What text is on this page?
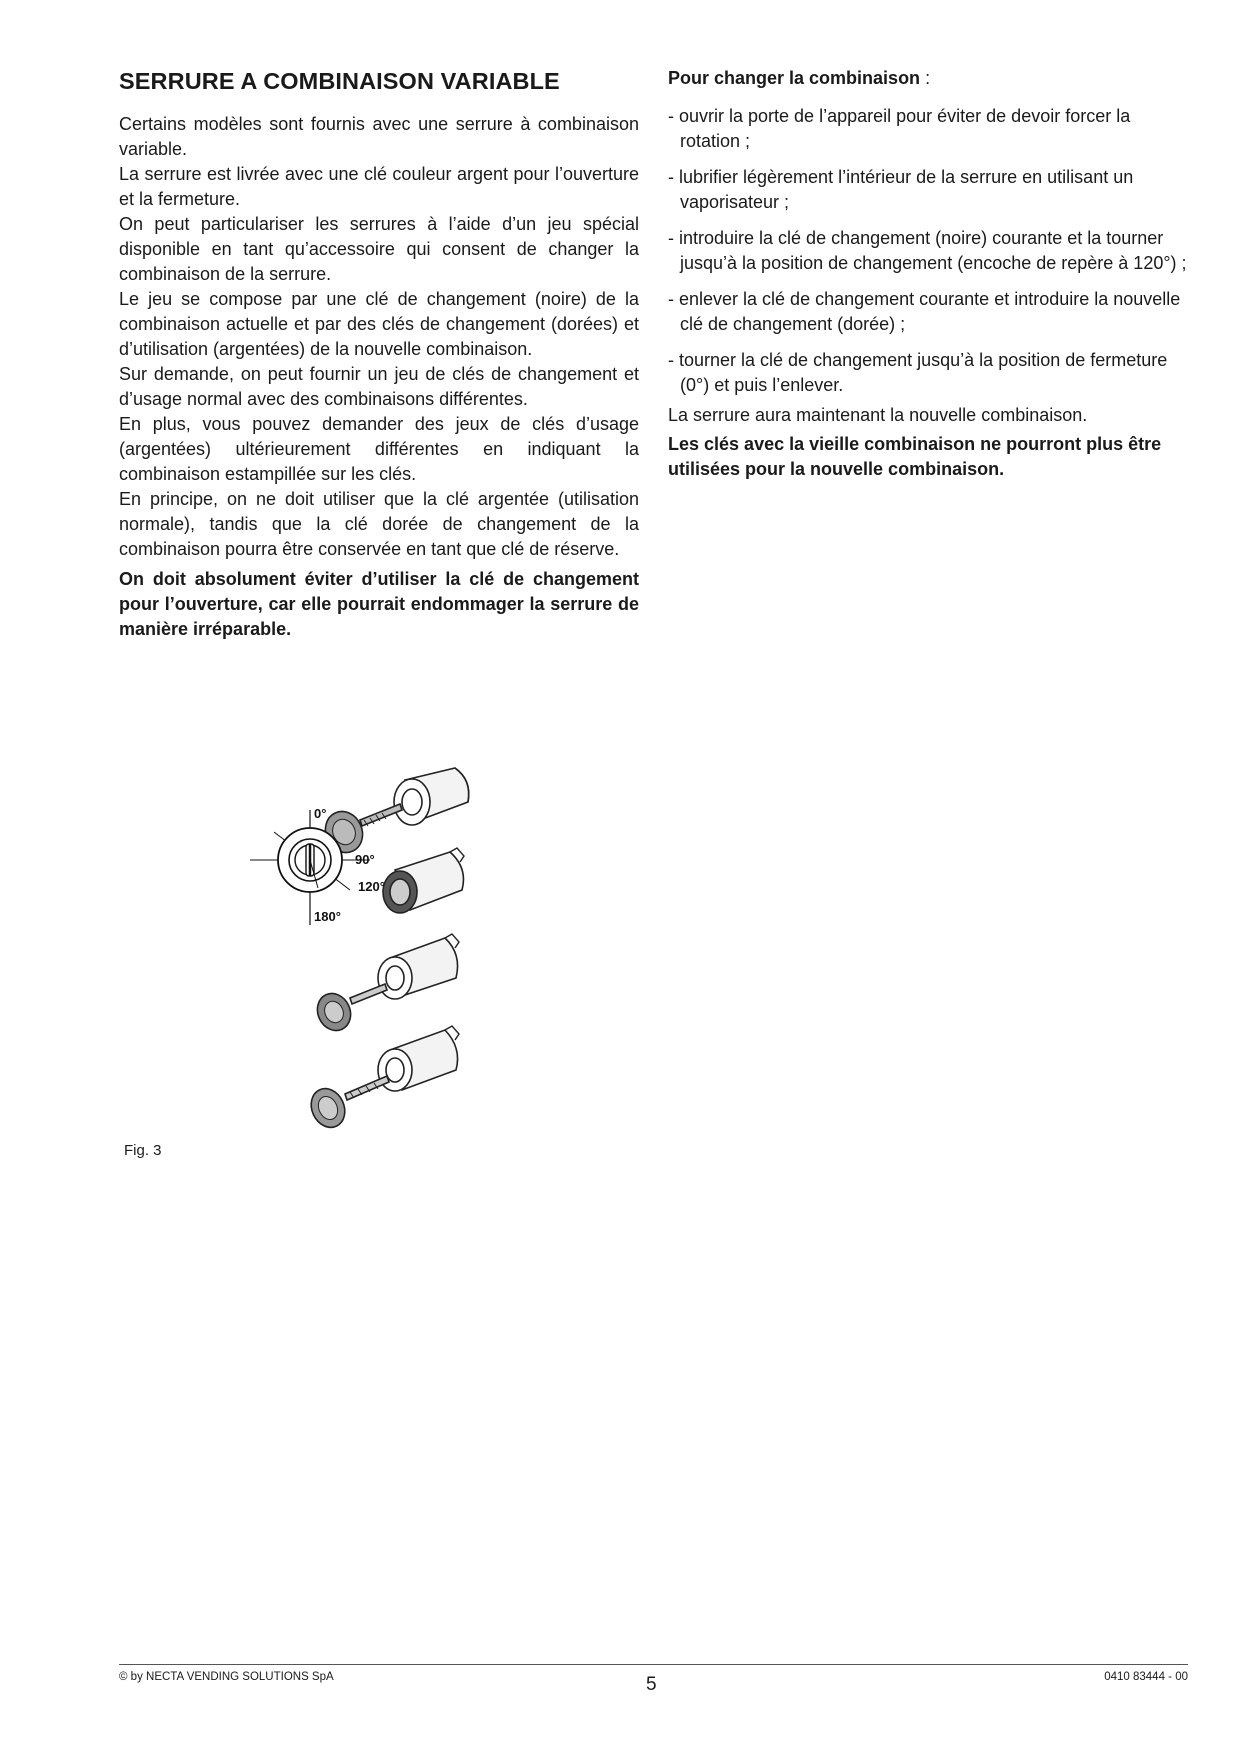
SERRURE A COMBINAISON VARIABLE

Certains modèles sont fournis avec une serrure à combinaison variable.

La serrure est livrée avec une clé couleur argent pour l’ouverture et la fermeture.

On peut particulariser les serrures à l’aide d’un jeu spécial disponible en tant qu’accessoire qui consent de changer la combinaison de la serrure.

Le jeu se compose par une clé de changement (noire) de la combinaison actuelle et par des clés de changement (dorées) et d’utilisation (argentées) de la nouvelle combinaison.

Sur demande, on peut fournir un jeu de clés de changement et d’usage normal avec des combinaisons différentes.

En plus, vous pouvez demander des jeux de clés d’usage (argentées) ultérieurement différentes en indiquant la combinaison estampillée sur les clés.

En principe, on ne doit utiliser que la clé argentée (utilisation normale), tandis que la clé dorée de changement de la combinaison pourra être conservée en tant que clé de réserve.

On doit absolument éviter d’utiliser la clé de changement pour l’ouverture, car elle pourrait endommager la serrure de manière irréparable.

Pour changer la combinaison :

- ouvrir la porte de l’appareil pour éviter de devoir forcer la rotation ;

- lubrifier légèrement l’intérieur de la serrure en utilisant un vaporisateur ;

- introduire la clé de changement (noire) courante et la tourner jusqu’à la position de changement (encoche de repère à 120°) ;

- enlever la clé de changement courante et introduire la nouvelle clé de changement (dorée) ;

- tourner la clé de changement jusqu’à la position de fermeture (0°) et puis l’enlever.

La serrure aura maintenant la nouvelle combinaison.

Les clés avec la vieille combinaison ne pourront plus être utilisées pour la nouvelle combinaison.

0°
90°
120°
180°
Fig. 3
© by NECTA VENDING SOLUTIONS SpA	5	0410 83444 - 00
